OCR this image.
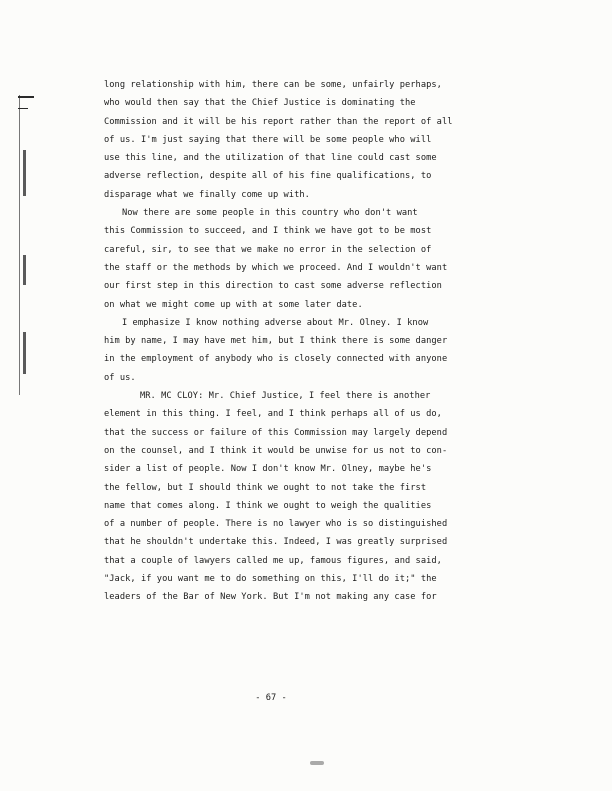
long relationship with him, there can be some, unfairly perhaps,
who would then say that the Chief Justice is dominating the
Commission and it will be his report rather than the report of all
of us. I'm just saying that there will be some people who will
use this line, and the utilization of that line could cast some
adverse reflection, despite all of his fine qualifications, to
disparage what we finally come up with.
Now there are some people in this country who don't want
this Commission to succeed, and I think we have got to be most
careful, sir, to see that we make no error in the selection of
the staff or the methods by which we proceed. And I wouldn't want
our first step in this direction to cast some adverse reflection
on what we might come up with at some later date.
I emphasize I know nothing adverse about Mr. Olney. I know
him by name, I may have met him, but I think there is some danger
in the employment of anybody who is closely connected with anyone
of us.
MR. MC CLOY: Mr. Chief Justice, I feel there is another
element in this thing. I feel, and I think perhaps all of us do,
that the success or failure of this Commission may largely depend
on the counsel, and I think it would be unwise for us not to con-
sider a list of people. Now I don't know Mr. Olney, maybe he's
the fellow, but I should think we ought to not take the first
name that comes along. I think we ought to weigh the qualities
of a number of people. There is no lawyer who is so distinguished
that he shouldn't undertake this. Indeed, I was greatly surprised
that a couple of lawyers called me up, famous figures, and said,
"Jack, if you want me to do something on this, I'll do it;" the
leaders of the Bar of New York. But I'm not making any case for
- 67 -
